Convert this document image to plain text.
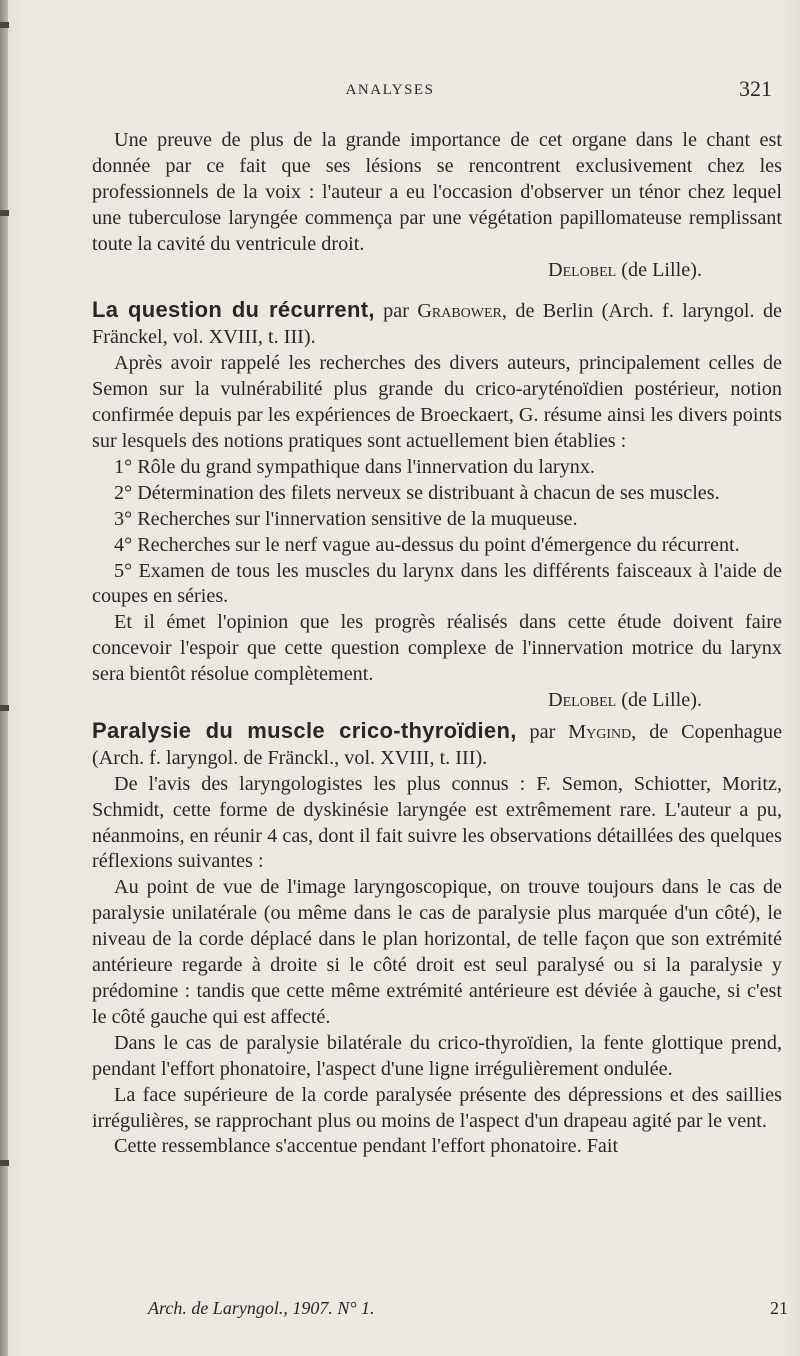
ANALYSES	321

Une preuve de plus de la grande importance de cet organe dans le chant est donnée par ce fait que ses lésions se rencontrent exclusivement chez les professionnels de la voix : l'auteur a eu l'occasion d'observer un ténor chez lequel une tuberculose laryngée commença par une végétation papillomateuse remplissant toute la cavité du ventricule droit.

Delobel (de Lille).

La question du récurrent, par Grabower, de Berlin (Arch. f. laryngol. de Fränckel, vol. XVIII, t. III).

Après avoir rappelé les recherches des divers auteurs, principalement celles de Semon sur la vulnérabilité plus grande du crico-aryténoïdien postérieur, notion confirmée depuis par les expériences de Broeckaert, G. résume ainsi les divers points sur lesquels des notions pratiques sont actuellement bien établies :

1° Rôle du grand sympathique dans l'innervation du larynx.

2° Détermination des filets nerveux se distribuant à chacun de ses muscles.

3° Recherches sur l'innervation sensitive de la muqueuse.

4° Recherches sur le nerf vague au-dessus du point d'émergence du récurrent.

5° Examen de tous les muscles du larynx dans les différents faisceaux à l'aide de coupes en séries.

Et il émet l'opinion que les progrès réalisés dans cette étude doivent faire concevoir l'espoir que cette question complexe de l'innervation motrice du larynx sera bientôt résolue complètement.

Delobel (de Lille).

Paralysie du muscle crico-thyroïdien, par Mygind, de Copenhague (Arch. f. laryngol. de Fränckl., vol. XVIII, t. III).

De l'avis des laryngologistes les plus connus : F. Semon, Schiotter, Moritz, Schmidt, cette forme de dyskinésie laryngée est extrêmement rare. L'auteur a pu, néanmoins, en réunir 4 cas, dont il fait suivre les observations détaillées des quelques réflexions suivantes :

Au point de vue de l'image laryngoscopique, on trouve toujours dans le cas de paralysie unilatérale (ou même dans le cas de paralysie plus marquée d'un côté), le niveau de la corde déplacé dans le plan horizontal, de telle façon que son extrémité antérieure regarde à droite si le côté droit est seul paralysé ou si la paralysie y prédomine : tandis que cette même extrémité antérieure est déviée à gauche, si c'est le côté gauche qui est affecté.

Dans le cas de paralysie bilatérale du crico-thyroïdien, la fente glottique prend, pendant l'effort phonatoire, l'aspect d'une ligne irrégulièrement ondulée.

La face supérieure de la corde paralysée présente des dépressions et des saillies irrégulières, se rapprochant plus ou moins de l'aspect d'un drapeau agité par le vent.

Cette ressemblance s'accentue pendant l'effort phonatoire. Fait

Arch. de Laryngol., 1907. N° 1.	21
